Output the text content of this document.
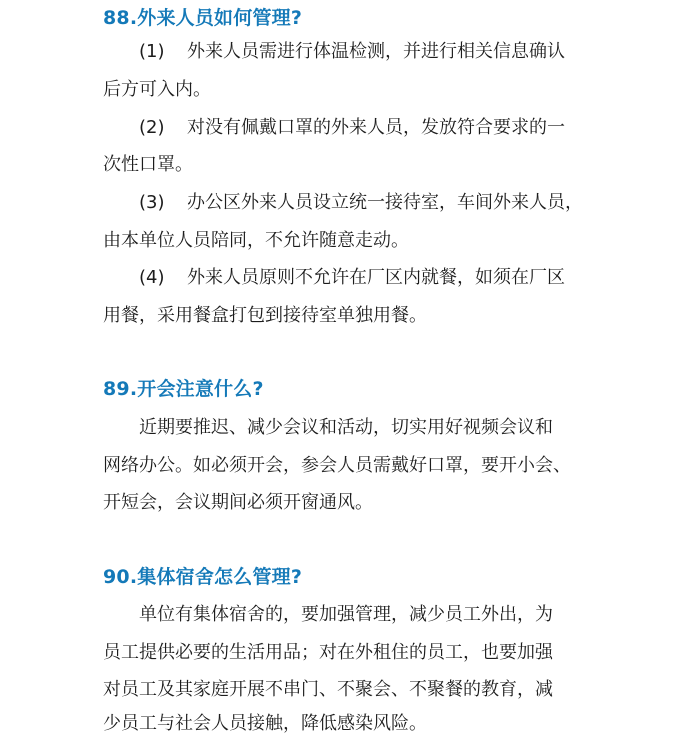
88.外来人员如何管理?

(1) 外来人员需进行体温检测，并进行相关信息确认

后方可入内。

(2) 对没有佩戴口罩的外来人员，发放符合要求的一

次性口罩。

(3) 办公区外来人员设立统一接待室，车间外来人员，

由本单位人员陪同，不允许随意走动。

(4) 外来人员原则不允许在厂区内就餐，如须在厂区

用餐，采用餐盒打包到接待室单独用餐。

89.开会注意什么?

近期要推迟、减少会议和活动，切实用好视频会议和

网络办公。如必须开会，参会人员需戴好口罩，要开小会、

开短会，会议期间必须开窗通风。

90.集体宿舍怎么管理?

单位有集体宿舍的，要加强管理，减少员工外出，为

员工提供必要的生活用品；对在外租住的员工，也要加强

对员工及其家庭开展不串门、不聚会、不聚餐的教育，减

少员工与社会人员接触，降低感染风险。
